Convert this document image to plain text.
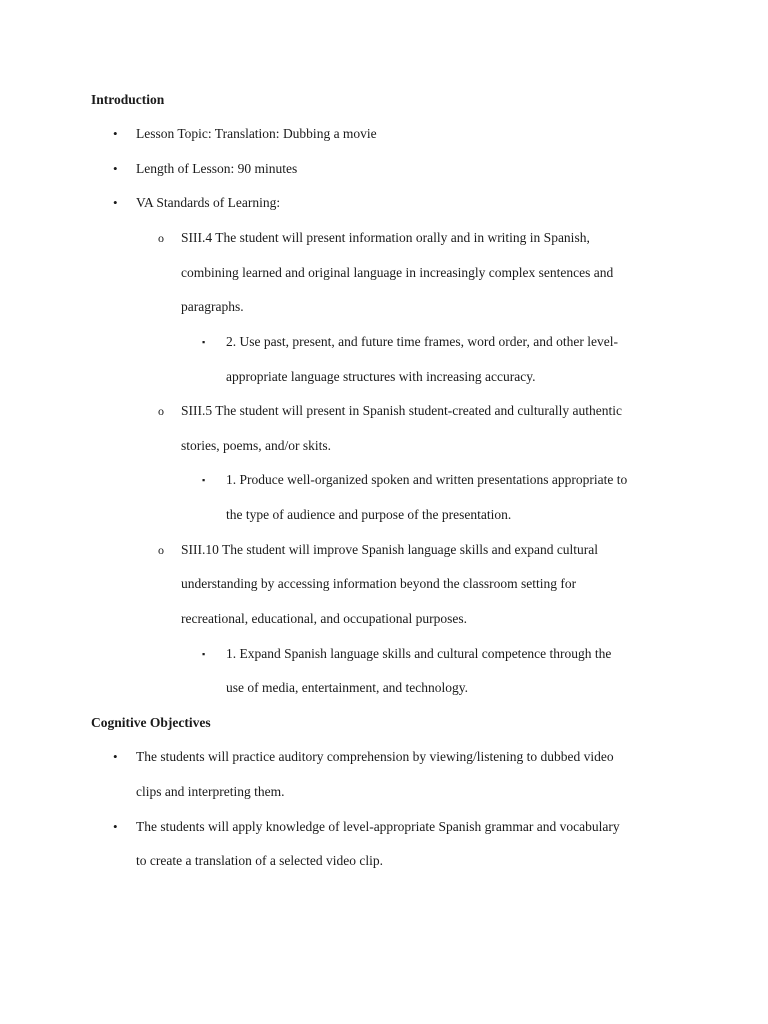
Introduction
• Lesson Topic: Translation: Dubbing a movie
• Length of Lesson: 90 minutes
• VA Standards of Learning:
o SIII.4 The student will present information orally and in writing in Spanish,
combining learned and original language in increasingly complex sentences and
paragraphs.
▪ 2. Use past, present, and future time frames, word order, and other level-
appropriate language structures with increasing accuracy.
o SIII.5 The student will present in Spanish student-created and culturally authentic
stories, poems, and/or skits.
▪ 1. Produce well-organized spoken and written presentations appropriate to
the type of audience and purpose of the presentation.
o SIII.10 The student will improve Spanish language skills and expand cultural
understanding by accessing information beyond the classroom setting for
recreational, educational, and occupational purposes.
▪ 1. Expand Spanish language skills and cultural competence through the
use of media, entertainment, and technology.
Cognitive Objectives
• The students will practice auditory comprehension by viewing/listening to dubbed video
clips and interpreting them.
• The students will apply knowledge of level-appropriate Spanish grammar and vocabulary
to create a translation of a selected video clip.
